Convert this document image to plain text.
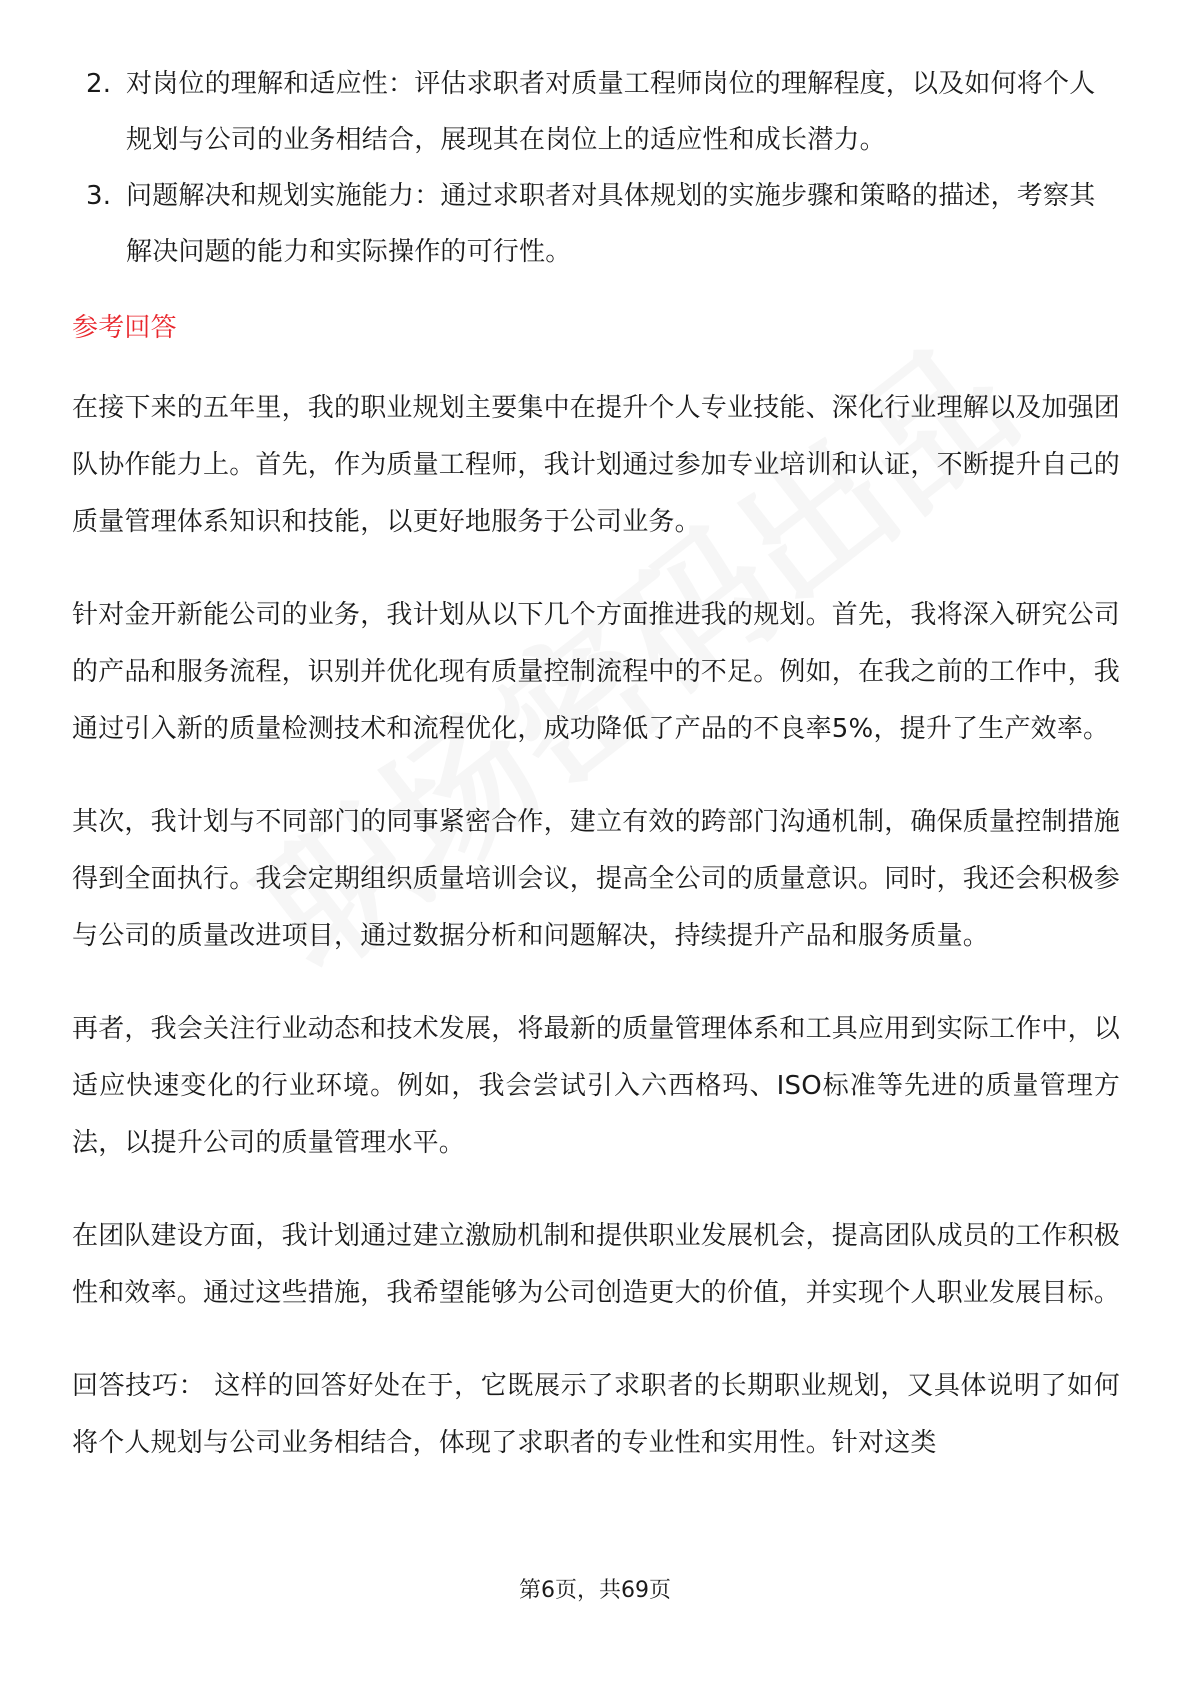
2. 对岗位的理解和适应性：评估求职者对质量工程师岗位的理解程度，以及如何将个人规划与公司的业务相结合，展现其在岗位上的适应性和成长潜力。
3. 问题解决和规划实施能力：通过求职者对具体规划的实施步骤和策略的描述，考察其解决问题的能力和实际操作的可行性。
参考回答

在接下来的五年里，我的职业规划主要集中在提升个人专业技能、深化行业理解以及加强团队协作能力上。首先，作为质量工程师，我计划通过参加专业培训和认证，不断提升自己的质量管理体系知识和技能，以更好地服务于公司业务。

针对金开新能公司的业务，我计划从以下几个方面推进我的规划。首先，我将深入研究公司的产品和服务流程，识别并优化现有质量控制流程中的不足。例如，在我之前的工作中，我通过引入新的质量检测技术和流程优化，成功降低了产品的不良率5%，提升了生产效率。

其次，我计划与不同部门的同事紧密合作，建立有效的跨部门沟通机制，确保质量控制措施得到全面执行。我会定期组织质量培训会议，提高全公司的质量意识。同时，我还会积极参与公司的质量改进项目，通过数据分析和问题解决，持续提升产品和服务质量。

再者，我会关注行业动态和技术发展，将最新的质量管理体系和工具应用到实际工作中，以适应快速变化的行业环境。例如，我会尝试引入六西格玛、ISO标准等先进的质量管理方法，以提升公司的质量管理水平。

在团队建设方面，我计划通过建立激励机制和提供职业发展机会，提高团队成员的工作积极性和效率。通过这些措施，我希望能够为公司创造更大的价值，并实现个人职业发展目标。

回答技巧： 这样的回答好处在于，它既展示了求职者的长期职业规划，又具体说明了如何将个人规划与公司业务相结合，体现了求职者的专业性和实用性。针对这类

第6页，共69页
